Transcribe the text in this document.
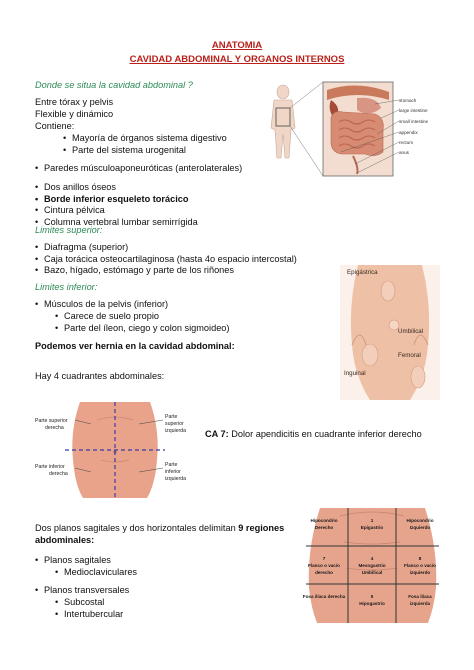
ANATOMIA
CAVIDAD ABDOMINAL Y ORGANOS INTERNOS
Donde se situa la cavidad abdominal ?
Entre tórax y pelvis
Flexible y dinámico
Contiene:
• Mayoría de órganos sistema digestivo
• Parte del sistema urogenital
• Paredes músculoaponeuróticas (anterolaterales)
• Dos anillos óseos
• Borde inferior esqueleto torácico
• Cintura pélvica
• Columna vertebral lumbar semirrígida
Limites superior:
• Diafragma (superior)
• Caja torácica osteocartilaginosa (hasta 4o espacio intercostal)
• Bazo, hígado, estómago y parte de los riñones
Limites inferior:
• Músculos de la pelvis (inferior)
• Carece de suelo propio
• Parte del íleon, ciego y colon sigmoideo)
Podemos ver hernia en la cavidad abdominal:
Hay 4 cuadrantes abdominales:
CA 7: Dolor apendicitis en cuadrante inferior derecho
Dos planos sagitales y dos horizontales delimitan 9 regiones
abdominales:
• Planos sagitales
• Medioclaviculares
• Planos transversales
• Subcostal
• Intertubercular
stomach
large intestine
small intestine
appendix
rectum
anus
Epigástrica
Umbilical
Femoral
Inguinal
Parte superior
derecha
Parte
superior
izquierda
Parte inferior
derecha
Parte
inferior
izquierda
Hipocondrio
Derecho
1
Epigastrio
Hipocondrio
Izquierdo
7
Flanco o vacío
derecho
4
Mesogastrio
Umbilical
8
Flanco o vacío
izquierdo
Fosa ilíaca derecha	5
Hipogastrio
Fosa ilíaca
izquierda
